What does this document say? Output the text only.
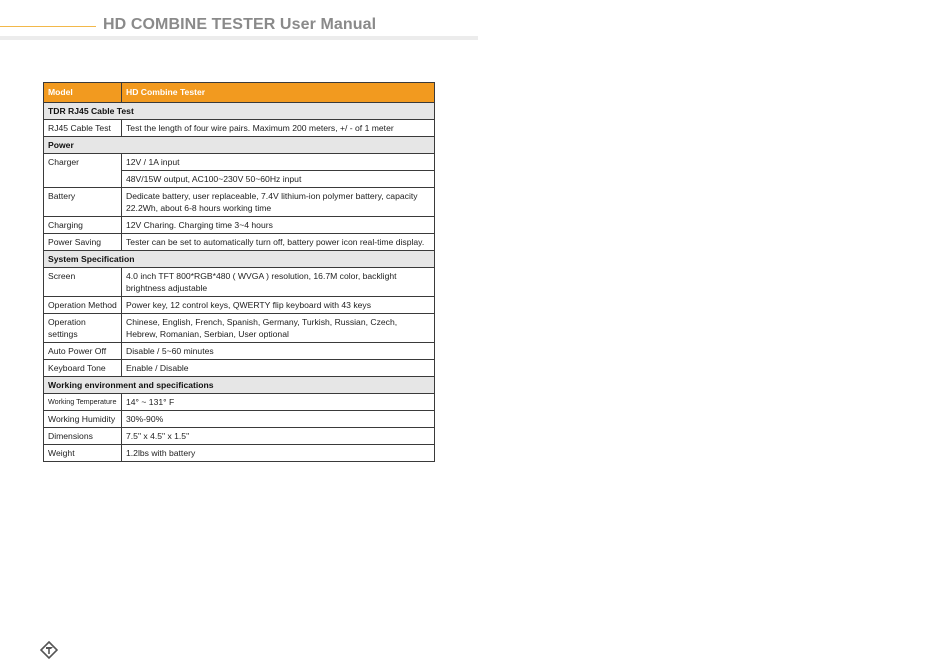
HD COMBINE TESTER User Manual
Model	HD Combine Tester
TDR RJ45 Cable Test	
RJ45 Cable Test	Test the length of four wire pairs. Maximum 200 meters, +/ - of 1 meter
Power	
Charger	12V / 1A input
	48V/15W output, AC100~230V 50~60Hz input
Battery	Dedicate battery, user replaceable, 7.4V lithium-ion polymer battery, capacity 22.2Wh, about 6-8 hours working time
Charging	12V Charing. Charging time 3~4 hours
Power Saving	Tester can be set to automatically turn off, battery power icon real-time display.
System Specification	
Screen	4.0 inch TFT 800*RGB*480 ( WVGA ) resolution, 16.7M color, backlight brightness adjustable
Operation Method	Power key, 12 control keys, QWERTY flip keyboard with 43 keys
Operation settings	Chinese, English, French, Spanish, Germany, Turkish, Russian, Czech, Hebrew, Romanian, Serbian, User optional
Auto Power Off	Disable / 5~60 minutes
Keyboard Tone	Enable / Disable
Working environment and specifications	
Working Temperature	14° ~ 131° F
Working Humidity	30%-90%
Dimensions	7.5" x 4.5" x 1.5"
Weight	1.2lbs with battery
